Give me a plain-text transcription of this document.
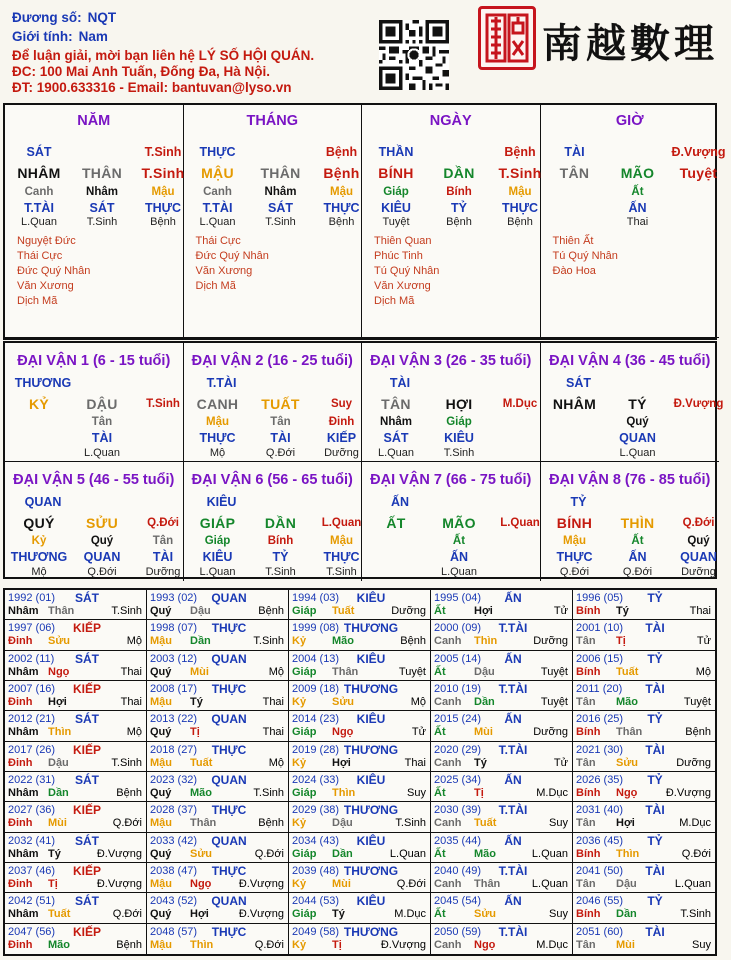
Đương số: NQT
Giới tính: Nam
Để luận giải, mời bạn liên hệ LÝ SỐ HỘI QUÁN.
ĐC: 100 Mai Anh Tuấn, Đống Đa, Hà Nội.
ĐT: 1900.633316 - Email: bantuvan@lyso.vn
南越數理
NĂM
SÁT	T.Sinh
NHÂM	THÂN	T.Sinh
Canh	Nhâm	Mậu
T.TÀI	SÁT	THỰC
L.Quan	T.Sinh	Bệnh
Nguyệt Đức
Thái Cực
Đức Quý Nhân
Văn Xương
Dịch Mã
THÁNG
THỰC	Bệnh
MẬU	THÂN	Bệnh
Canh	Nhâm	Mậu
T.TÀI	SÁT	THỰC
L.Quan	T.Sinh	Bệnh
Thái Cực
Đức Quý Nhân
Văn Xương
Dịch Mã
NGÀY
THẦN	Bệnh
BÍNH	DẦN	T.Sinh
Giáp	Bính	Mậu
KIÊU	TỶ	THỰC
Tuyệt	Bệnh	Bệnh
Thiên Quan
Phúc Tinh
Tú Quý Nhân
Văn Xương
Dịch Mã
GIỜ
TÀI	Đ.Vượng
TÂN	MÃO	Tuyệt
Ất
ẤN
Thai
Thiên Ất
Tú Quý Nhân
Đào Hoa
ĐẠI VẬN 1 (6 - 15 tuổi)
THƯƠNG
KỶ	DẬU	T.Sinh
Tân
TÀI
L.Quan
ĐẠI VẬN 2 (16 - 25 tuổi)
T.TÀI
CANH	TUẤT	Suy
Mậu	Tân	Đinh
THỰC	TÀI	KIẾP
Mộ	Q.Đới	Dưỡng
ĐẠI VẬN 3 (26 - 35 tuổi)
TÀI
TÂN	HỢI	M.Dục
Nhâm	Giáp
SÁT	KIÊU
L.Quan	T.Sinh
ĐẠI VẬN 4 (36 - 45 tuổi)
SÁT
NHÂM	TÝ	Đ.Vượng
Quý
QUAN
L.Quan
ĐẠI VẬN 5 (46 - 55 tuổi)
QUAN
QUÝ	SỬU	Q.Đới
Kỷ	Quý	Tân
THƯƠNG	QUAN	TÀI
Mộ	Q.Đới	Dưỡng
ĐẠI VẬN 6 (56 - 65 tuổi)
KIÊU
GIÁP	DẦN	L.Quan
Giáp	Bính	Mậu
KIÊU	TỶ	THỰC
L.Quan	T.Sinh	T.Sinh
ĐẠI VẬN 7 (66 - 75 tuổi)
ẤN
ẤT	MÃO	L.Quan
Ất
ẤN
L.Quan
ĐẠI VẬN 8 (76 - 85 tuổi)
TỶ
BÍNH	THÌN	Q.Đới
Mậu	Ất	Quý
THỰC	ẤN	QUAN
Q.Đới	Q.Đới	Dưỡng
1992 (01)	SÁT
Nhâm Thân	T.Sinh
1993 (02)	QUAN
Quý Dậu	Bệnh
1994 (03)	KIÊU
Giáp Tuất	Dưỡng
1995 (04)	ẤN
Ất	Hợi	Tử
1996 (05)	TỶ
Bính Tý	Thai
1997 (06)	KIẾP
Đinh Sửu	Mộ
1998 (07)	THỰC
Mậu Dần	T.Sinh
1999 (08) THƯƠNG
Kỷ Mão	Bệnh
2000 (09)	T.TÀI
Canh Thìn	Dưỡng
2001 (10)	TÀI
Tân Tị	Tử
2002 (11)	SÁT
Nhâm Ngọ	Thai
2003 (12)	QUAN
Quý Mùi	Mộ
2004 (13)	KIÊU
Giáp Thân	Tuyệt
2005 (14)	ẤN
Ất	Dậu	Tuyệt
2006 (15)	TỶ
Bính Tuất	Mộ
2007 (16)	KIẾP
Đinh Hợi	Thai
2008 (17)	THỰC
Mậu Tý	Thai
2009 (18) THƯƠNG
Kỷ Sửu	Mộ
2010 (19)	T.TÀI
Canh Dần	Tuyệt
2011 (20)	TÀI
Tân Mão	Tuyệt
2012 (21)	SÁT
Nhâm Thìn	Mộ
2013 (22)	QUAN
Quý Tị	Thai
2014 (23)	KIÊU
Giáp Ngọ	Tử
2015 (24)	ẤN
Ất	Mùi	Dưỡng
2016 (25)	TỶ
Bính Thân	Bệnh
2017 (26)	KIẾP
Đinh Dậu	T.Sinh
2018 (27)	THỰC
Mậu Tuất	Mộ
2019 (28) THƯƠNG
Kỷ Hợi	Thai
2020 (29)	T.TÀI
Canh Tý	Tử
2021 (30)	TÀI
Tân Sửu	Dưỡng
2022 (31)	SÁT
Nhâm Dần	Bệnh
2023 (32)	QUAN
Quý Mão	T.Sinh
2024 (33)	KIÊU
Giáp Thìn	Suy
2025 (34)	ẤN
Ất	Tị	M.Dục
2026 (35)	TỶ
Bính Ngọ	Đ.Vượng
2027 (36)	KIẾP
Đinh Mùi	Q.Đới
2028 (37)	THỰC
Mậu Thân	Bệnh
2029 (38) THƯƠNG
Kỷ Dậu	T.Sinh
2030 (39)	T.TÀI
Canh Tuất	Suy
2031 (40)	TÀI
Tân Hợi	M.Dục
2032 (41)	SÁT
Nhâm Tý	Đ.Vượng
2033 (42)	QUAN
Quý Sửu	Q.Đới
2034 (43)	KIÊU
Giáp Dần	L.Quan
2035 (44)	ẤN
Ất	Mão	L.Quan
2036 (45)	TỶ
Bính Thìn	Q.Đới
2037 (46)	KIẾP
Đinh Tị	Đ.Vượng
2038 (47)	THỰC
Mậu Ngọ Đ.Vượng
2039 (48) THƯƠNG
Kỷ Mùi	Q.Đới
2040 (49)	T.TÀI
Canh Thân	L.Quan
2041 (50)	TÀI
Tân Dậu	L.Quan
2042 (51)	SÁT
Nhâm Tuất	Q.Đới
2043 (52)	QUAN
Quý Hợi	Đ.Vượng
2044 (53)	KIÊU
Giáp Tý	M.Dục
2045 (54)	ẤN
Ất	Sửu	Suy
2046 (55)	TỶ
Bính Dần	T.Sinh
2047 (56)	KIẾP
Đinh Mão	Bệnh
2048 (57)	THỰC
Mậu Thìn	Q.Đới
2049 (58) THƯƠNG
Kỷ Tị	Đ.Vượng
2050 (59)	T.TÀI
Canh Ngọ	M.Dục
2051 (60)	TÀI
Tân Mùi	Suy
